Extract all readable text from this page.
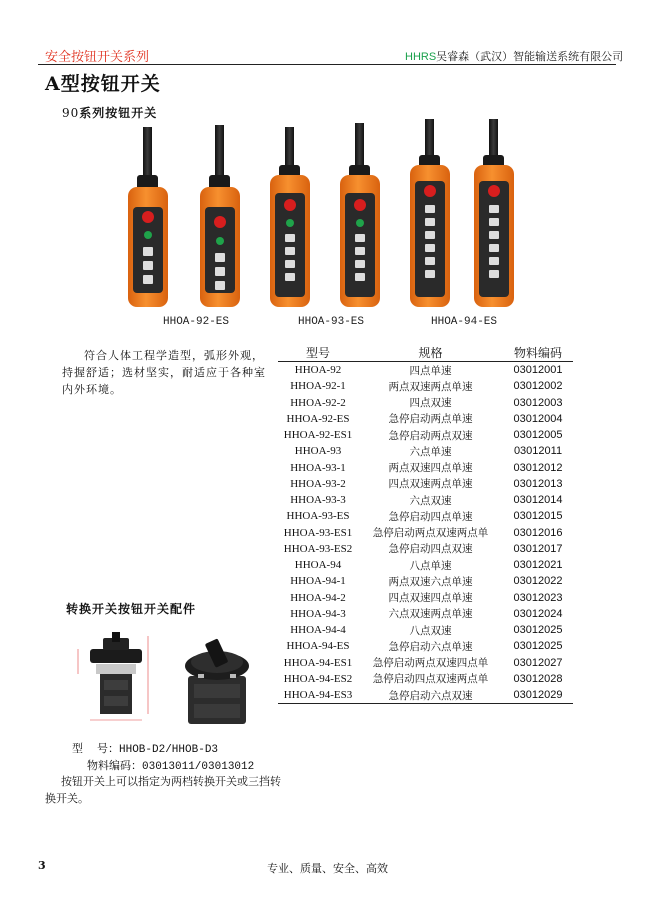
安全按钮开关系列	HHRS吴睿森（武汉）智能输送系统有限公司
A型按钮开关
90系列按钮开关
HHOA-92-ES	HHOA-93-ES	HHOA-94-ES
符合人体工程学造型，弧形外观，持握舒适；选材坚实，耐适应于各种室内外环境。
型号	规格	物料编码
HHOA-92	四点单速	03012001
HHOA-92-1	两点双速两点单速	03012002
HHOA-92-2	四点双速	03012003
HHOA-92-ES	急停启动两点单速	03012004
HHOA-92-ES1	急停启动两点双速	03012005
HHOA-93	六点单速	03012011
HHOA-93-1	两点双速四点单速	03012012
HHOA-93-2	四点双速两点单速	03012013
HHOA-93-3	六点双速	03012014
HHOA-93-ES	急停启动四点单速	03012015
HHOA-93-ES1	急停启动两点双速两点单	03012016
HHOA-93-ES2	急停启动四点双速	03012017
HHOA-94	八点单速	03012021
HHOA-94-1	两点双速六点单速	03012022
HHOA-94-2	四点双速四点单速	03012023
HHOA-94-3	六点双速两点单速	03012024
HHOA-94-4	八点双速	03012025
HHOA-94-ES	急停启动六点单速	03012025
HHOA-94-ES1	急停启动两点双速四点单	03012027
HHOA-94-ES2	急停启动四点双速两点单	03012028
HHOA-94-ES3	急停启动六点双速	03012029
转换开关按钮开关配件
型    号：HHOB-D2/HHOB-D3
物料编码：03013011/03013012
按钮开关上可以指定为两档转换开关或三挡转换开关。
3	专业、质量、安全、高效
